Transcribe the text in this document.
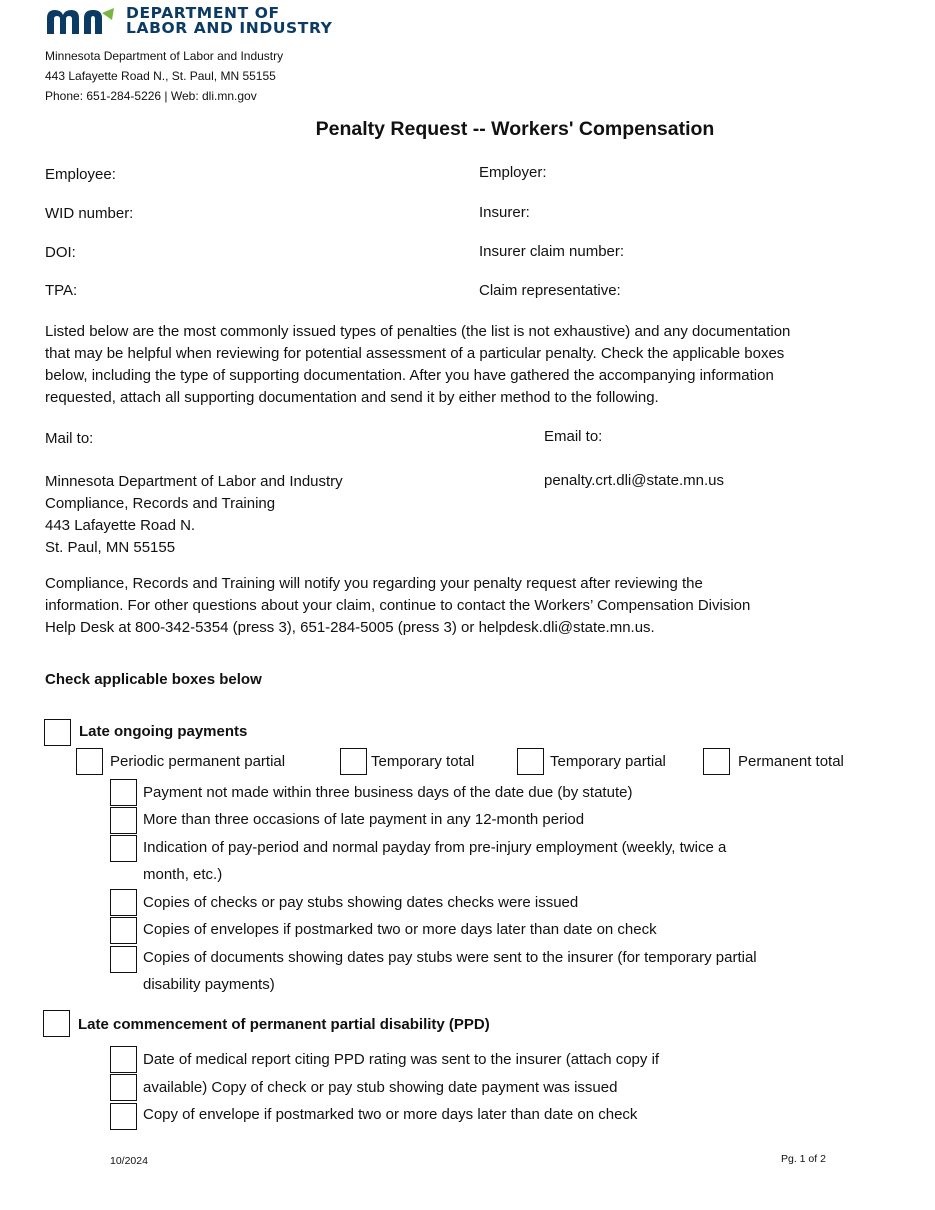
DEPARTMENT OF
LABOR AND INDUSTRY
Minnesota Department of Labor and Industry
443 Lafayette Road N., St. Paul, MN 55155
Phone: 651-284-5226 | Web: dli.mn.gov
Penalty Request -- Workers' Compensation
Employee:	Employer:
WID number:	Insurer:
DOI:	Insurer claim number:
TPA:	Claim representative:
Listed below are the most commonly issued types of penalties (the list is not exhaustive) and any documentation
that may be helpful when reviewing for potential assessment of a particular penalty. Check the applicable boxes
below, including the type of supporting documentation. After you have gathered the accompanying information
requested, attach all supporting documentation and send it by either method to the following.
Mail to:	Email to:
Minnesota Department of Labor and Industry
Compliance, Records and Training
443 Lafayette Road N.
St. Paul, MN 55155
penalty.crt.dli@state.mn.us
Compliance, Records and Training will notify you regarding your penalty request after reviewing the
information. For other questions about your claim, continue to contact the Workers’ Compensation Division
Help Desk at 800-342-5354 (press 3), 651-284-5005 (press 3) or helpdesk.dli@state.mn.us.
Check applicable boxes below
Late ongoing payments
Periodic permanent partial	Temporary total	Temporary partial	Permanent total
Payment not made within three business days of the date due (by statute)
More than three occasions of late payment in any 12-month period
Indication of pay-period and normal payday from pre-injury employment (weekly, twice a
month, etc.)
Copies of checks or pay stubs showing dates checks were issued
Copies of envelopes if postmarked two or more days later than date on check
Copies of documents showing dates pay stubs were sent to the insurer (for temporary partial
disability payments)
Late commencement of permanent partial disability (PPD)
Date of medical report citing PPD rating was sent to the insurer (attach copy if
available) Copy of check or pay stub showing date payment was issued
Copy of envelope if postmarked two or more days later than date on check
10/2024	Pg. 1 of 2
